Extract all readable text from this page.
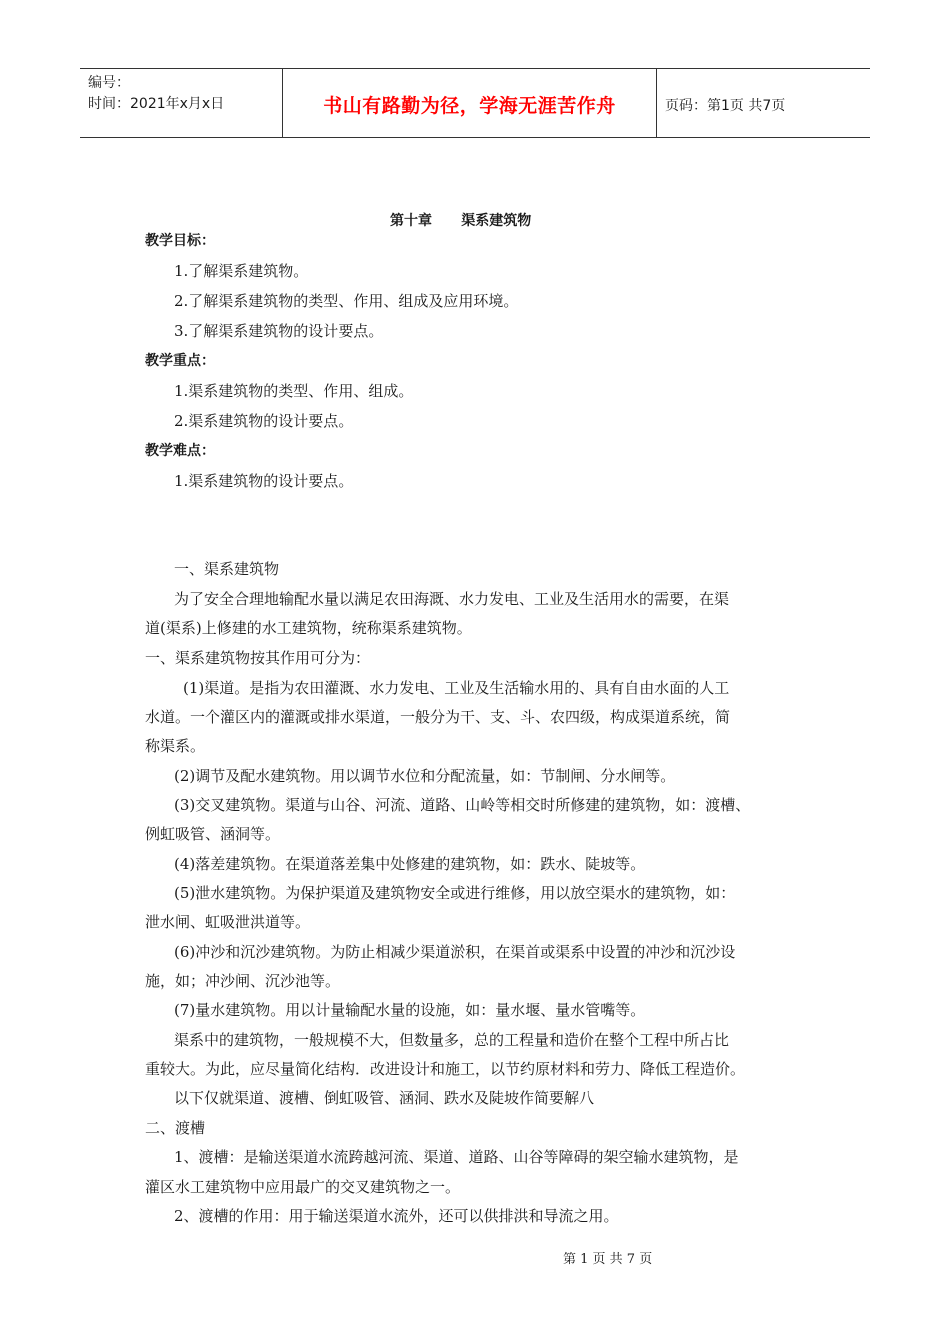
编号：
时间：2021年x月x日	书山有路勤为径，学海无涯苦作舟	页码：第1页 共7页
第十章      渠系建筑物
教学目标：
1.了解渠系建筑物。
2.了解渠系建筑物的类型、作用、组成及应用环境。
3.了解渠系建筑物的设计要点。
教学重点：
1.渠系建筑物的类型、作用、组成。
2.渠系建筑物的设计要点。
教学难点：
1.渠系建筑物的设计要点。
一、渠系建筑物
为了安全合理地输配水量以满足农田海溉、水力发电、工业及生活用水的需要，在渠
道(渠系)上修建的水工建筑物，统称渠系建筑物。
一、渠系建筑物按其作用可分为：
(1)渠道。是指为农田灌溉、水力发电、工业及生活输水用的、具有自由水面的人工
水道。一个灌区内的灌溉或排水渠道，一般分为干、支、斗、农四级，构成渠道系统，简
称渠系。
(2)调节及配水建筑物。用以调节水位和分配流量，如：节制闸、分水闸等。
(3)交叉建筑物。渠道与山谷、河流、道路、山岭等相交时所修建的建筑物，如：渡槽、
例虹吸管、涵洞等。
(4)落差建筑物。在渠道落差集中处修建的建筑物，如：跌水、陡坡等。
(5)泄水建筑物。为保护渠道及建筑物安全或进行维修，用以放空渠水的建筑物，如：
泄水闸、虹吸泄洪道等。
(6)冲沙和沉沙建筑物。为防止相减少渠道淤积，在渠首或渠系中设置的冲沙和沉沙设
施，如；冲沙闸、沉沙池等。
(7)量水建筑物。用以计量输配水量的设施，如：量水堰、量水管嘴等。
渠系中的建筑物，一般规模不大，但数量多，总的工程量和造价在整个工程中所占比
重较大。为此，应尽量简化结构．改进设计和施工，以节约原材料和劳力、降低工程造价。
以下仅就渠道、渡槽、倒虹吸管、涵洞、跌水及陡坡作简要解八
二、渡槽
1、渡槽：是输送渠道水流跨越河流、渠道、道路、山谷等障碍的架空输水建筑物，是
灌区水工建筑物中应用最广的交叉建筑物之一。
2、渡槽的作用：用于输送渠道水流外，还可以供排洪和导流之用。
第 1 页 共 7 页
